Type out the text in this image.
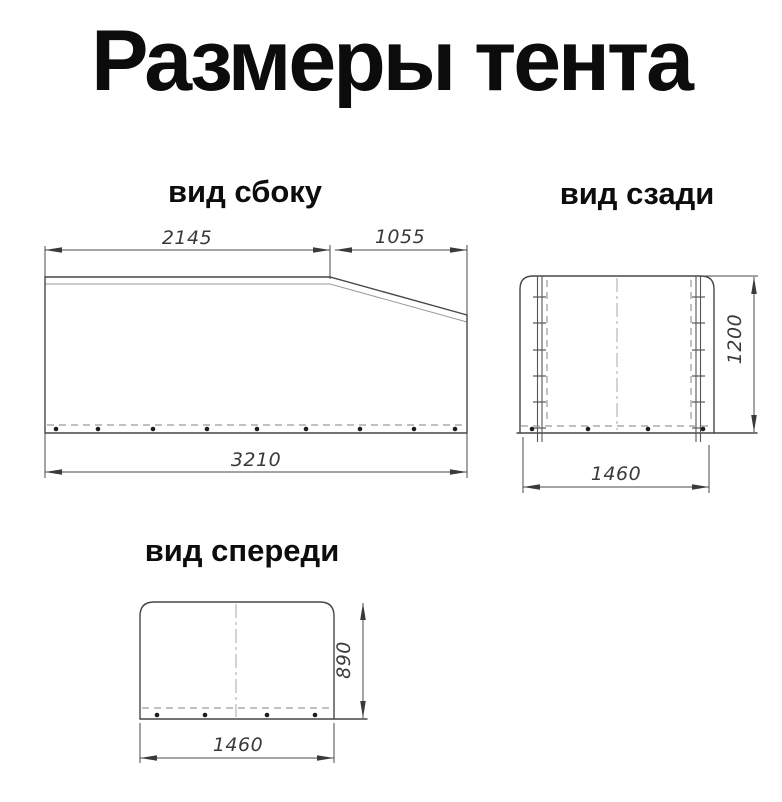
Размеры тента
вид сбоку	вид сзади
вид спереди
2145	1055
3210
1200
1460
890
1460
